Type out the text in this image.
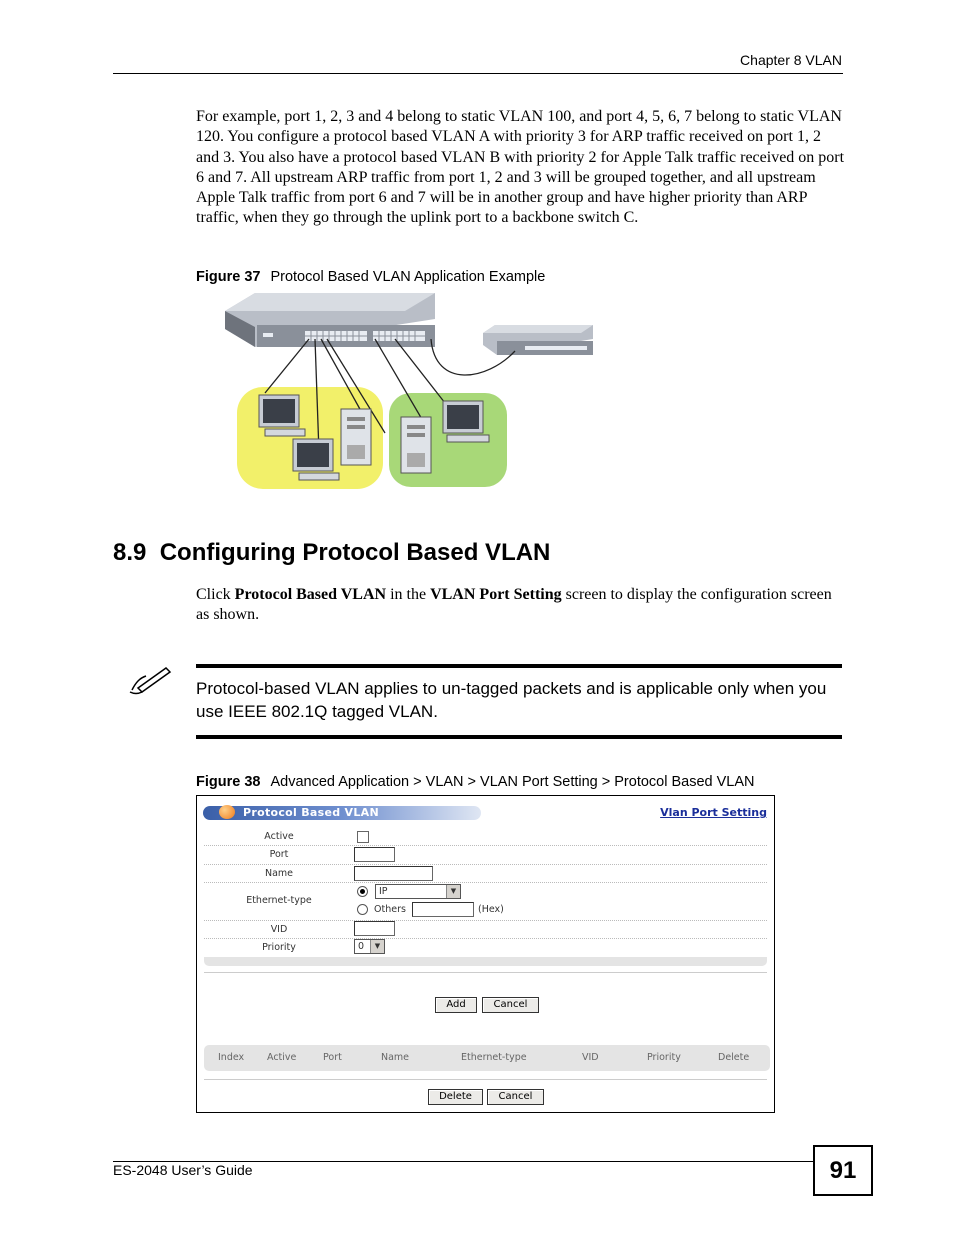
Chapter 8 VLAN
For example, port 1, 2, 3 and 4 belong to static VLAN 100, and port 4, 5, 6, 7 belong to static VLAN 120. You configure a protocol based VLAN A with priority 3 for ARP traffic received on port 1, 2 and 3. You also have a protocol based VLAN B with priority 2 for Apple Talk traffic received on port 6 and 7. All upstream ARP traffic from port 1, 2 and 3 will be grouped together, and all upstream Apple Talk traffic from port 6 and 7 will be in another group and have higher priority than ARP traffic, when they go through the uplink port to a backbone switch C.
Figure 37 Protocol Based VLAN Application Example
8.9 Configuring Protocol Based VLAN
Click Protocol Based VLAN in the VLAN Port Setting screen to display the configuration screen as shown.
Protocol-based VLAN applies to un-tagged packets and is applicable only when you use IEEE 802.1Q tagged VLAN.
Figure 38 Advanced Application > VLAN > VLAN Port Setting > Protocol Based VLAN
Protocol Based VLAN	Vlan Port Setting
Active
Port
Name
Ethernet-type
IP	▼
Others	(Hex)
VID
Priority	0	▼
Add	Cancel
Index Active	Port	Name	Ethernet-type	VID	Priority	Delete
Delete	Cancel
ES-2048 User’s Guide	91
